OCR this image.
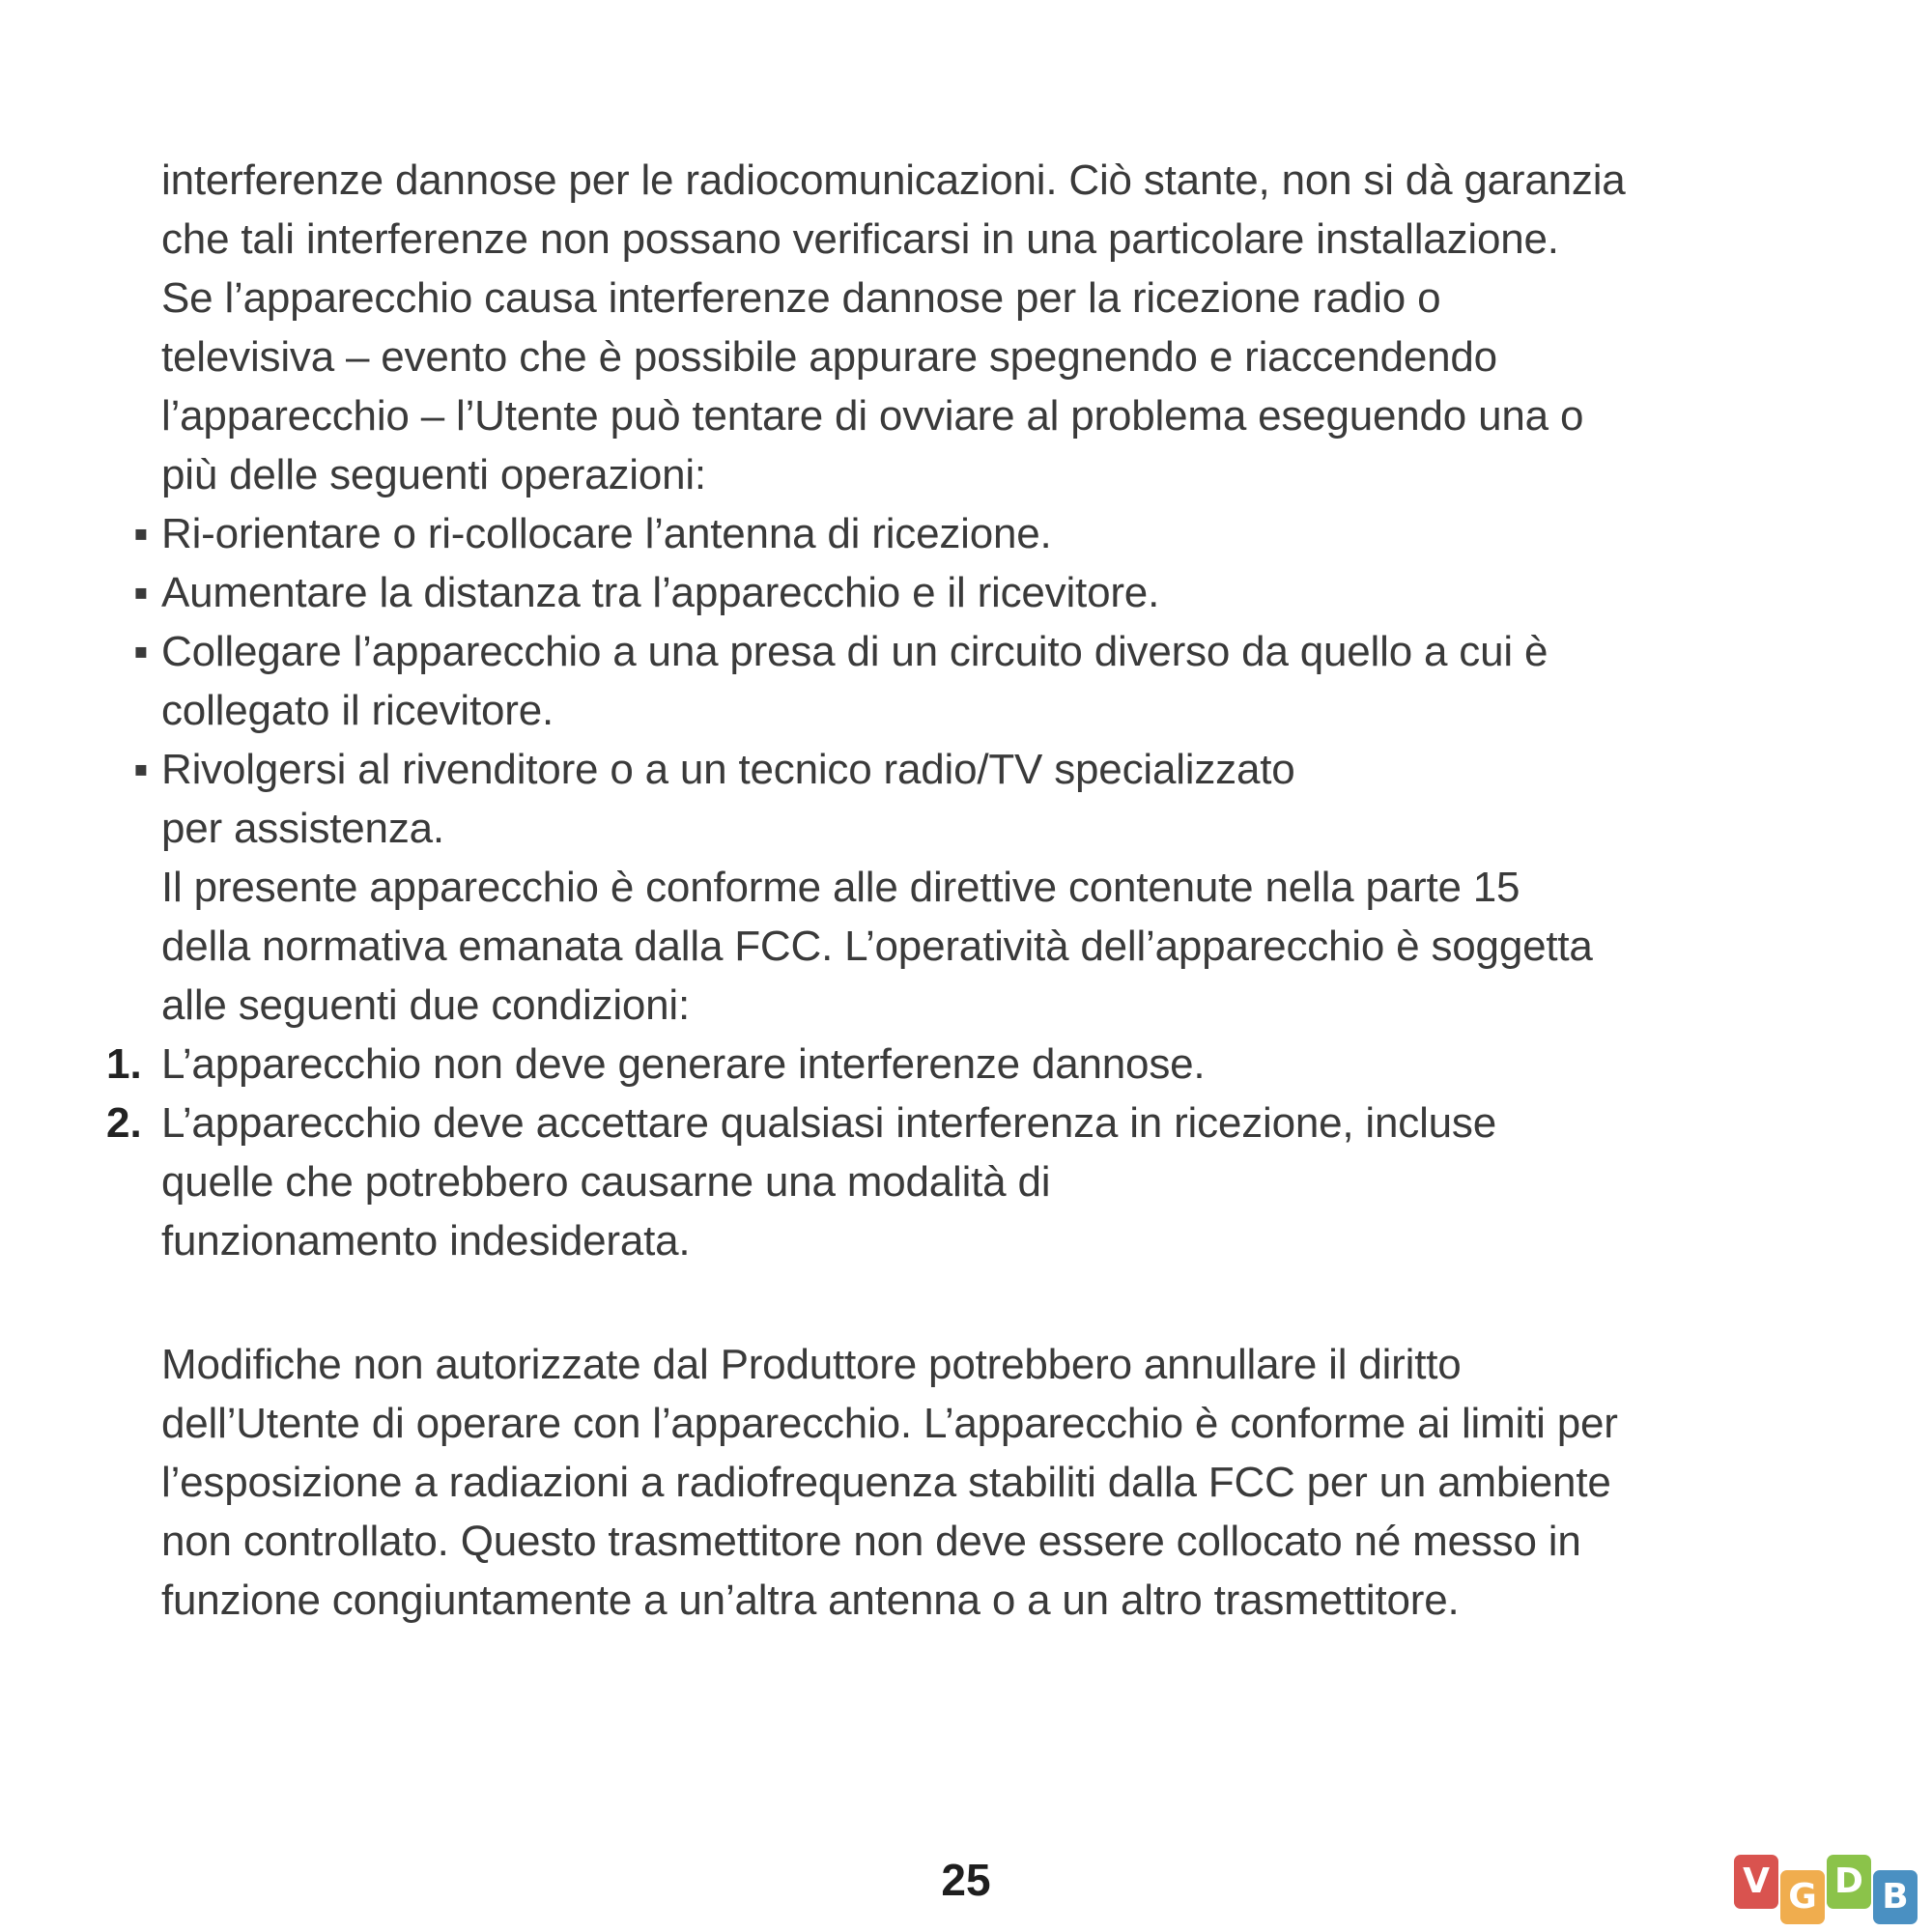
interferenze dannose per le radiocomunicazioni. Ciò stante, non si dà garanzia
che tali interferenze non possano verificarsi in una particolare installazione.
Se l’apparecchio causa interferenze dannose per la ricezione radio o
televisiva – evento che è possibile appurare spegnendo e riaccendendo
l’apparecchio – l’Utente può tentare di ovviare al problema eseguendo una o
più delle seguenti operazioni:
▪ Ri-orientare o ri-collocare l’antenna di ricezione.
▪ Aumentare la distanza tra l’apparecchio e il ricevitore.
▪ Collegare l’apparecchio a una presa di un circuito diverso da quello a cui è
collegato il ricevitore.
▪ Rivolgersi al rivenditore o a un tecnico radio/TV specializzato
per assistenza.
Il presente apparecchio è conforme alle direttive contenute nella parte 15
della normativa emanata dalla FCC. L’operatività dell’apparecchio è soggetta
alle seguenti due condizioni:
1. L’apparecchio non deve generare interferenze dannose.
2. L’apparecchio deve accettare qualsiasi interferenza in ricezione, incluse
quelle che potrebbero causarne una modalità di
funzionamento indesiderata.
Modifiche non autorizzate dal Produttore potrebbero annullare il diritto
dell’Utente di operare con l’apparecchio. L’apparecchio è conforme ai limiti per
l’esposizione a radiazioni a radiofrequenza stabiliti dalla FCC per un ambiente
non controllato. Questo trasmettitore non deve essere collocato né messo in
funzione congiuntamente a un’altra antenna o a un altro trasmettitore.
25	V G D B
